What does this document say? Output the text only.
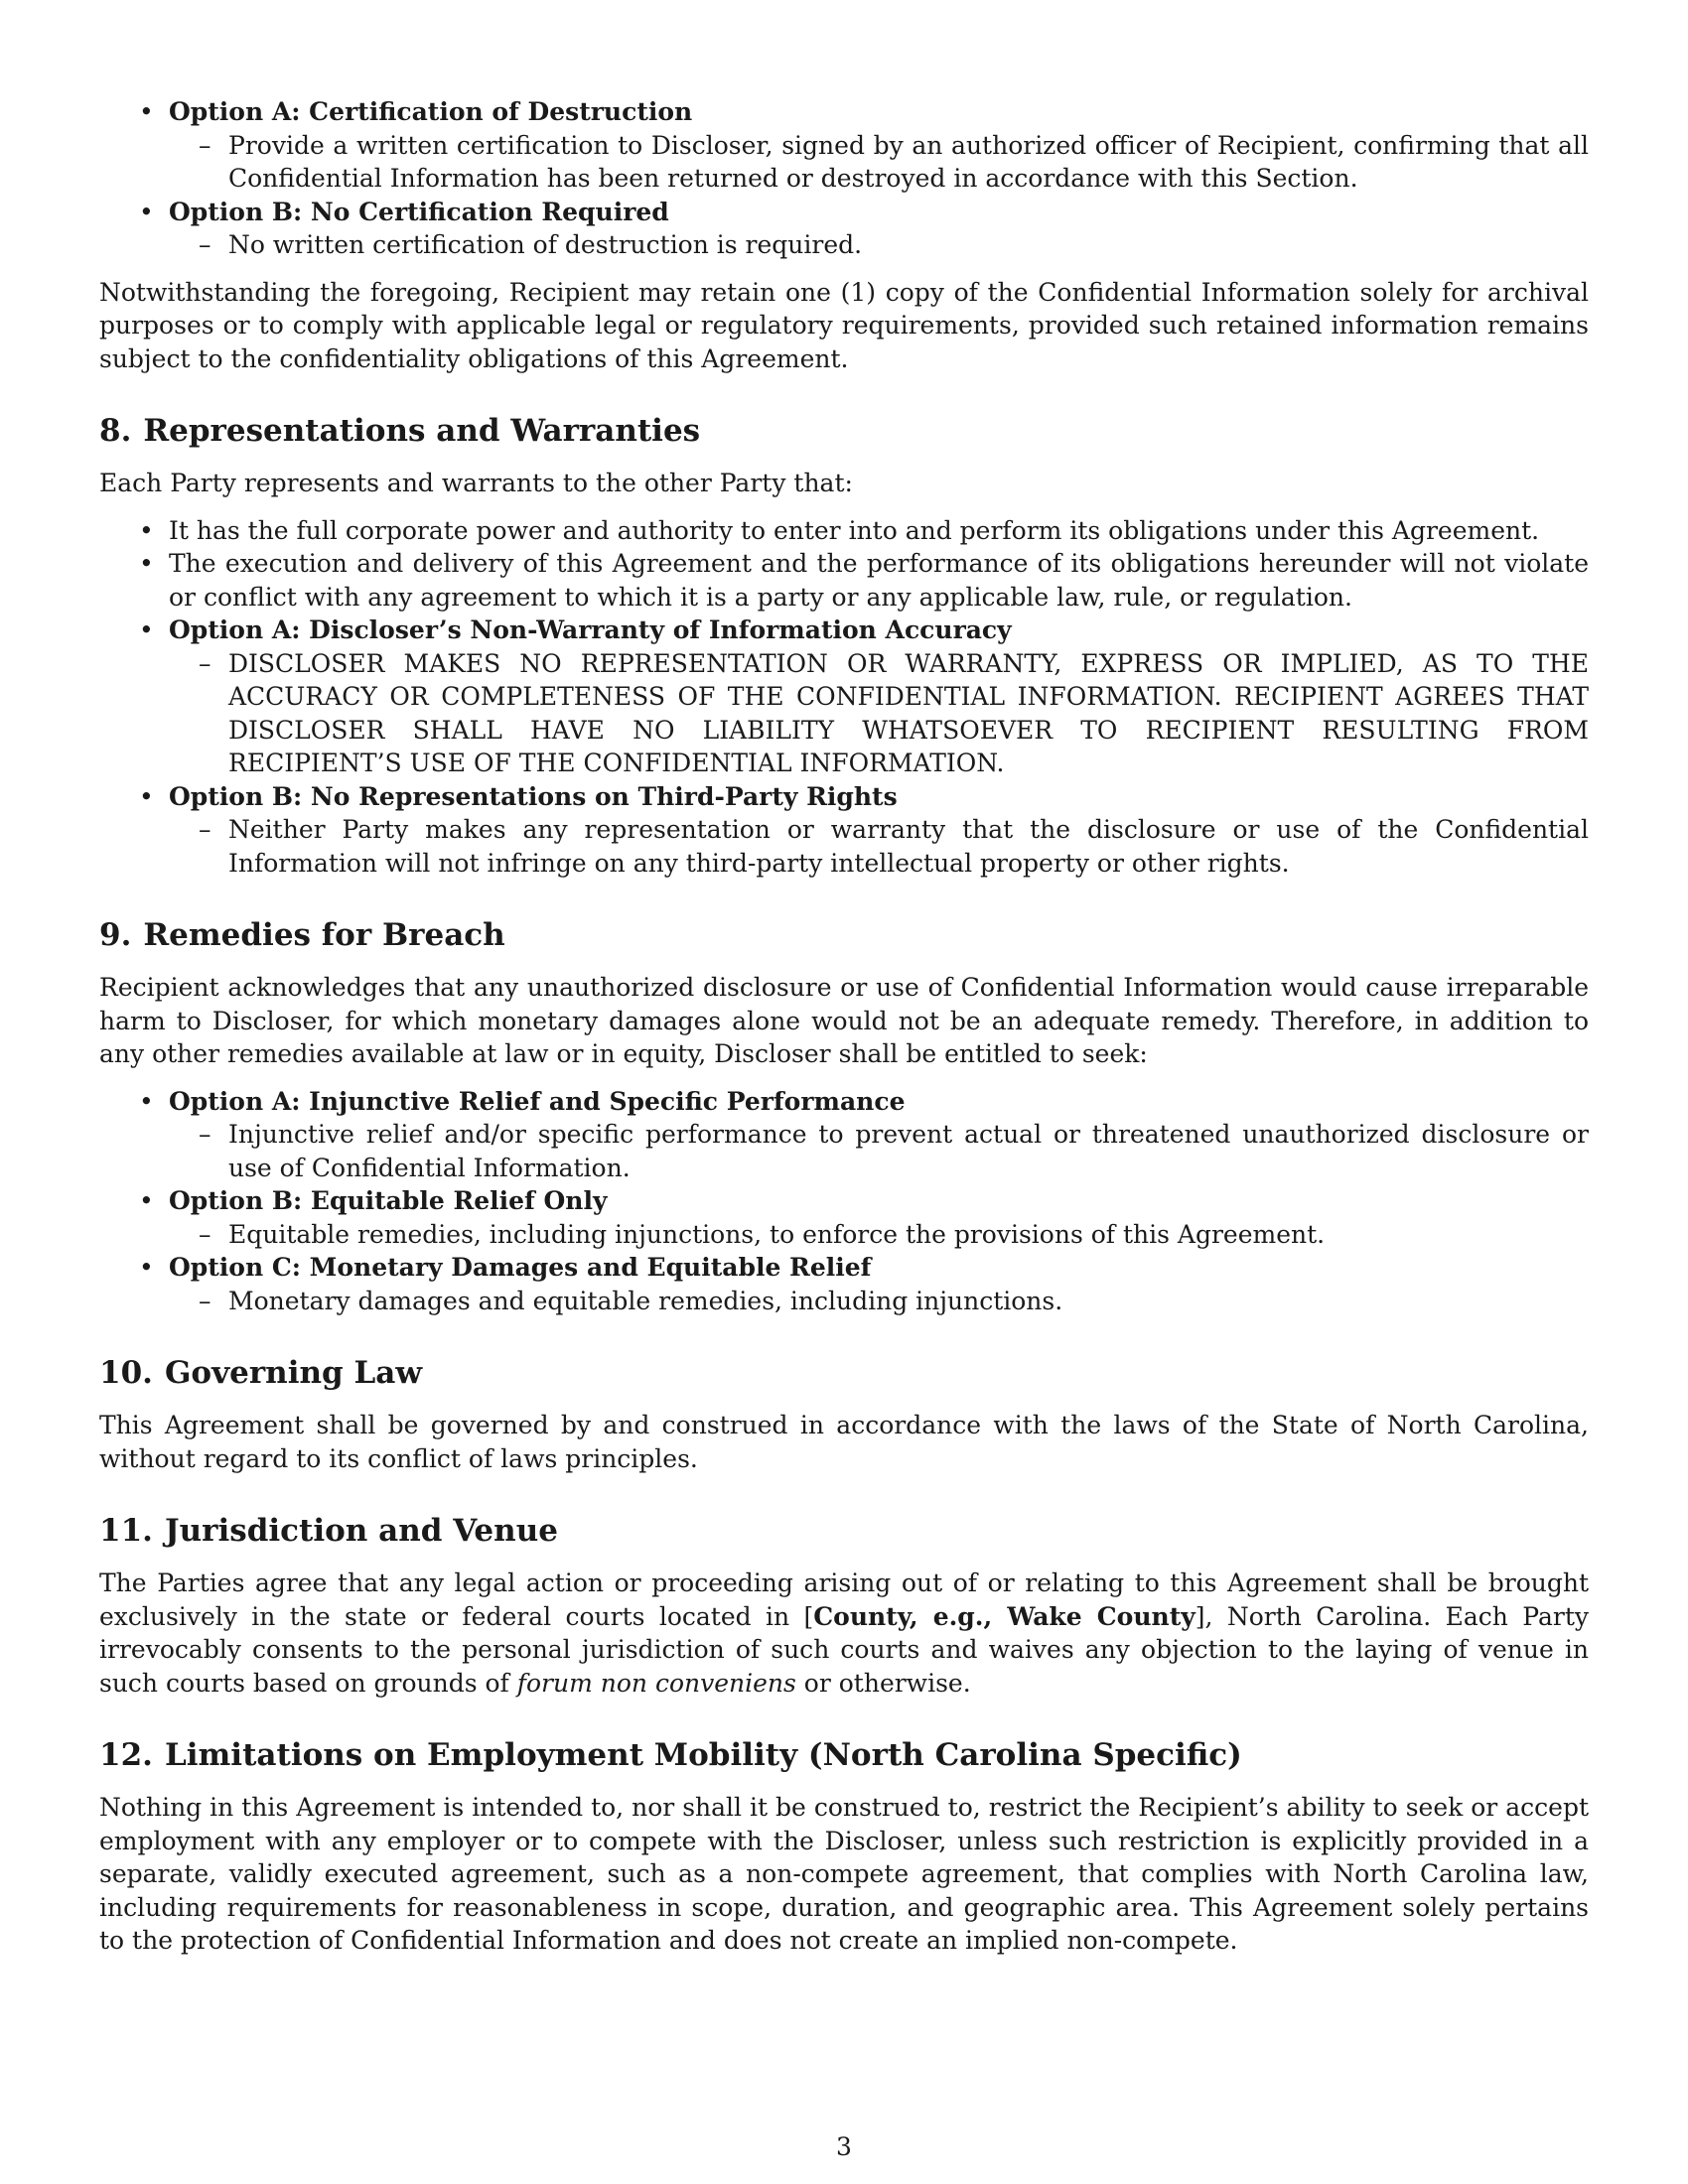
• Option A: Certification of Destruction
– Provide a written certification to Discloser, signed by an authorized officer of Recipient, confirming that all Confidential Information has been returned or destroyed in accordance with this Section.
• Option B: No Certification Required
– No written certification of destruction is required.

Notwithstanding the foregoing, Recipient may retain one (1) copy of the Confidential Information solely for archival purposes or to comply with applicable legal or regulatory requirements, provided such retained information remains subject to the confidentiality obligations of this Agreement.

8. Representations and Warranties

Each Party represents and warrants to the other Party that:

• It has the full corporate power and authority to enter into and perform its obligations under this Agreement.
• The execution and delivery of this Agreement and the performance of its obligations hereunder will not violate or conflict with any agreement to which it is a party or any applicable law, rule, or regulation.
• Option A: Discloser’s Non-Warranty of Information Accuracy
– DISCLOSER MAKES NO REPRESENTATION OR WARRANTY, EXPRESS OR IMPLIED, AS TO THE ACCURACY OR COMPLETENESS OF THE CONFIDENTIAL INFORMATION. RECIPIENT AGREES THAT DISCLOSER SHALL HAVE NO LIABILITY WHATSOEVER TO RECIPIENT RESULTING FROM RECIPIENT’S USE OF THE CONFIDENTIAL INFORMATION.
• Option B: No Representations on Third-Party Rights
– Neither Party makes any representation or warranty that the disclosure or use of the Confidential Information will not infringe on any third-party intellectual property or other rights.
9. Remedies for Breach

Recipient acknowledges that any unauthorized disclosure or use of Confidential Information would cause irreparable harm to Discloser, for which monetary damages alone would not be an adequate remedy. Therefore, in addition to any other remedies available at law or in equity, Discloser shall be entitled to seek:

• Option A: Injunctive Relief and Specific Performance
– Injunctive relief and/or specific performance to prevent actual or threatened unauthorized disclosure or use of Confidential Information.
• Option B: Equitable Relief Only
– Equitable remedies, including injunctions, to enforce the provisions of this Agreement.
• Option C: Monetary Damages and Equitable Relief
– Monetary damages and equitable remedies, including injunctions.
10. Governing Law

This Agreement shall be governed by and construed in accordance with the laws of the State of North Carolina, without regard to its conflict of laws principles.

11. Jurisdiction and Venue

The Parties agree that any legal action or proceeding arising out of or relating to this Agreement shall be brought exclusively in the state or federal courts located in [County, e.g., Wake County], North Carolina. Each Party irrevocably consents to the personal jurisdiction of such courts and waives any objection to the laying of venue in such courts based on grounds of forum non conveniens or otherwise.

12. Limitations on Employment Mobility (North Carolina Specific)

Nothing in this Agreement is intended to, nor shall it be construed to, restrict the Recipient’s ability to seek or accept employment with any employer or to compete with the Discloser, unless such restriction is explicitly provided in a separate, validly executed agreement, such as a non-compete agreement, that complies with North Carolina law, including requirements for reasonableness in scope, duration, and geographic area. This Agreement solely pertains to the protection of Confidential Information and does not create an implied non-compete.

3
